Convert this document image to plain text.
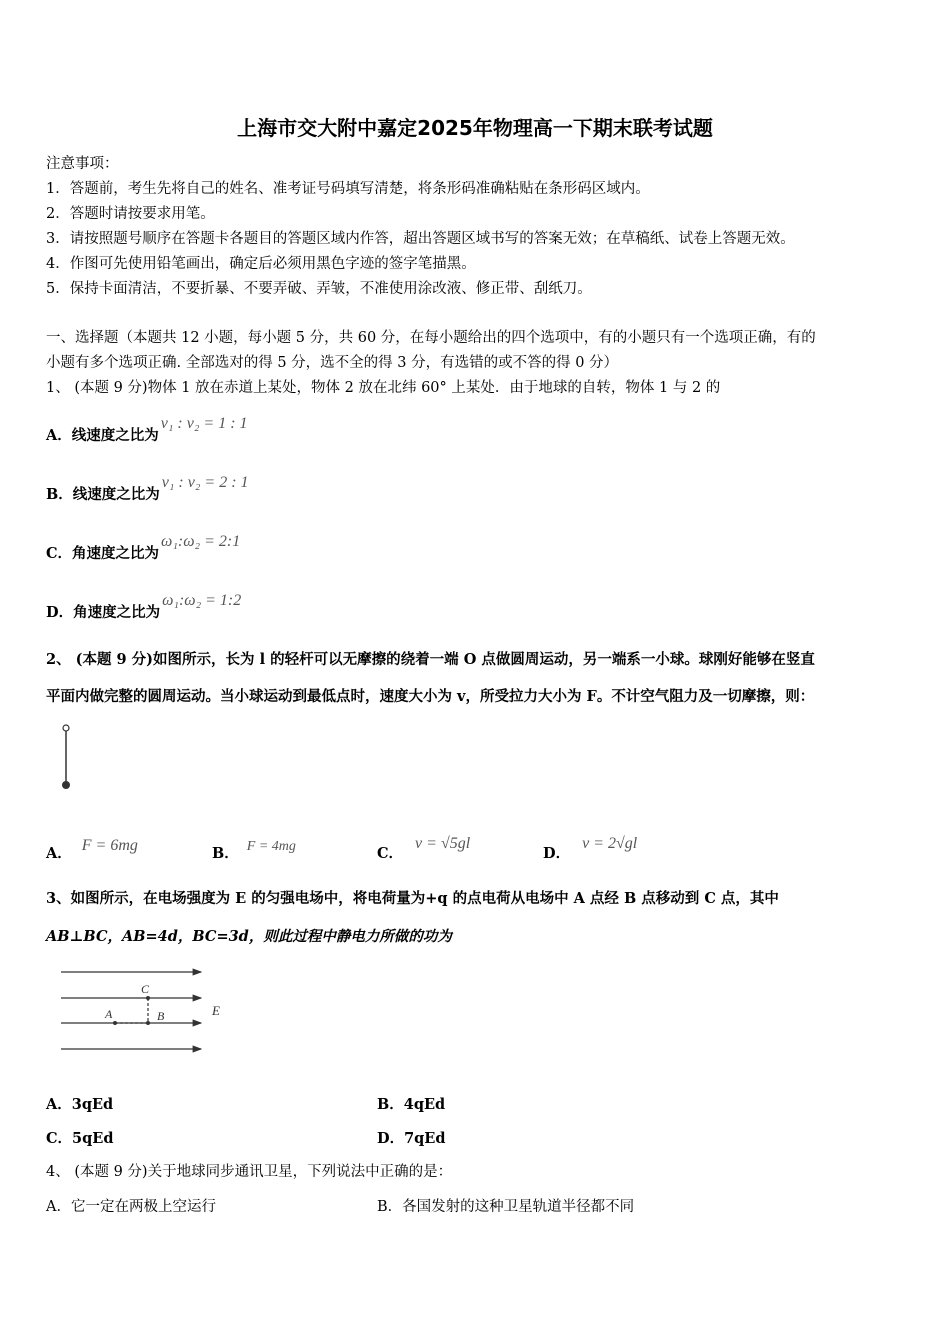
上海市交大附中嘉定2025年物理高一下期末联考试题
注意事项：
1．答题前，考生先将自己的姓名、准考证号码填写清楚，将条形码准确粘贴在条形码区域内。
2．答题时请按要求用笔。
3．请按照题号顺序在答题卡各题目的答题区域内作答，超出答题区域书写的答案无效；在草稿纸、试卷上答题无效。
4．作图可先使用铅笔画出，确定后必须用黑色字迹的签字笔描黑。
5．保持卡面清洁，不要折暴、不要弄破、弄皱，不准使用涂改液、修正带、刮纸刀。
一、选择题（本题共 12 小题，每小题 5 分，共 60 分，在每小题给出的四个选项中，有的小题只有一个选项正确，有的
小题有多个选项正确. 全部选对的得 5 分，选不全的得 3 分，有选错的或不答的得 0 分）
1、 (本题 9 分)物体 1 放在赤道上某处，物体 2 放在北纬 60° 上某处．由于地球的自转，物体 1 与 2 的
A．线速度之比为v₁ : v₂ = 1 : 1
B．线速度之比为v₁ : v₂ = 2 : 1
C．角速度之比为ω₁:ω₂ = 2:1
D．角速度之比为ω₁:ω₂ = 1:2
2、 (本题 9 分)如图所示，长为 l 的轻杆可以无摩擦的绕着一端 O 点做圆周运动，另一端系一小球。球刚好能够在竖直
平面内做完整的圆周运动。当小球运动到最低点时，速度大小为 v，所受拉力大小为 F。不计空气阻力及一切摩擦，则：
A． F = 6mg	B． F = 4mg	C．v = √5gl
D．v = 2√gl
3、如图所示，在电场强度为 E 的匀强电场中，将电荷量为+q 的点电荷从电场中 A 点经 B 点移动到 C 点，其中
AB⊥BC，AB=4d，BC=3d，则此过程中静电力所做的功为
C
A	B	E
A．3qEd	B．4qEd
C．5qEd	D．7qEd
4、 (本题 9 分)关于地球同步通讯卫星，下列说法中正确的是：
A．它一定在两极上空运行	B．各国发射的这种卫星轨道半径都不同
